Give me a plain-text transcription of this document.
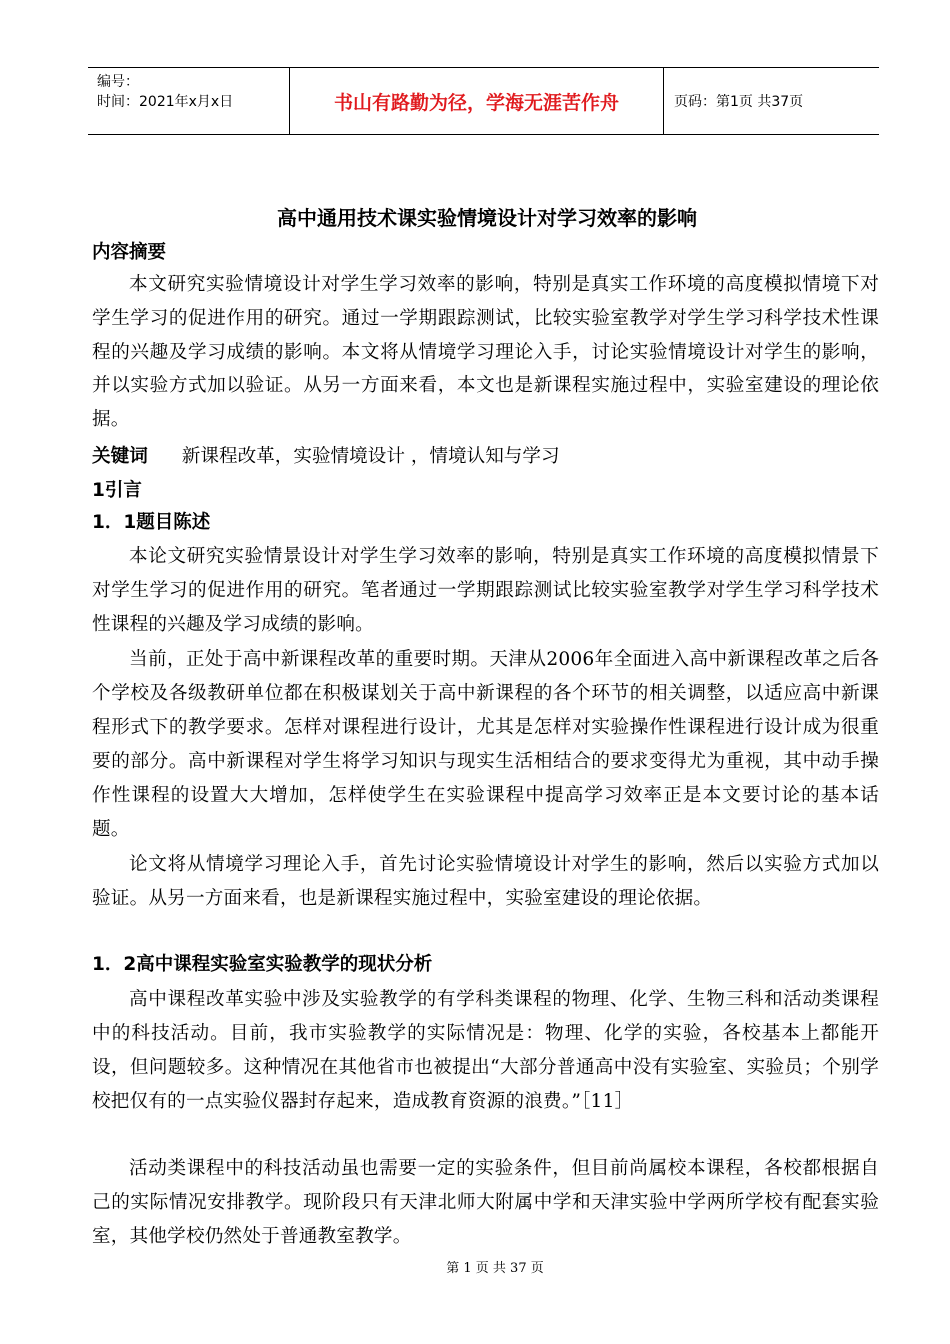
编号：
时间：2021年x月x日	书山有路勤为径，学海无涯苦作舟	页码：第1页 共37页
高中通用技术课实验情境设计对学习效率的影响
内容摘要
本文研究实验情境设计对学生学习效率的影响，特别是真实工作环境的高度模拟情境下对学生学习的促进作用的研究。通过一学期跟踪测试，比较实验室教学对学生学习科学技术性课程的兴趣及学习成绩的影响。本文将从情境学习理论入手，讨论实验情境设计对学生的影响，并以实验方式加以验证。从另一方面来看，本文也是新课程实施过程中，实验室建设的理论依据。
关键词 新课程改革，实验情境设计 ，情境认知与学习
1引言
1．1题目陈述
本论文研究实验情景设计对学生学习效率的影响，特别是真实工作环境的高度模拟情景下对学生学习的促进作用的研究。笔者通过一学期跟踪测试比较实验室教学对学生学习科学技术性课程的兴趣及学习成绩的影响。
当前，正处于高中新课程改革的重要时期。天津从2006年全面进入高中新课程改革之后各个学校及各级教研单位都在积极谋划关于高中新课程的各个环节的相关调整，以适应高中新课程形式下的教学要求。怎样对课程进行设计，尤其是怎样对实验操作性课程进行设计成为很重要的部分。高中新课程对学生将学习知识与现实生活相结合的要求变得尤为重视，其中动手操作性课程的设置大大增加，怎样使学生在实验课程中提高学习效率正是本文要讨论的基本话题。
论文将从情境学习理论入手，首先讨论实验情境设计对学生的影响，然后以实验方式加以验证。从另一方面来看，也是新课程实施过程中，实验室建设的理论依据。
1．2高中课程实验室实验教学的现状分析
高中课程改革实验中涉及实验教学的有学科类课程的物理、化学、生物三科和活动类课程中的科技活动。目前，我市实验教学的实际情况是：物理、化学的实验，各校基本上都能开设，但问题较多。这种情况在其他省市也被提出“大部分普通高中没有实验室、实验员；个别学校把仅有的一点实验仪器封存起来，造成教育资源的浪费。”［11］
活动类课程中的科技活动虽也需要一定的实验条件，但目前尚属校本课程，各校都根据自己的实际情况安排教学。现阶段只有天津北师大附属中学和天津实验中学两所学校有配套实验室，其他学校仍然处于普通教室教学。
第 1 页 共 37 页
